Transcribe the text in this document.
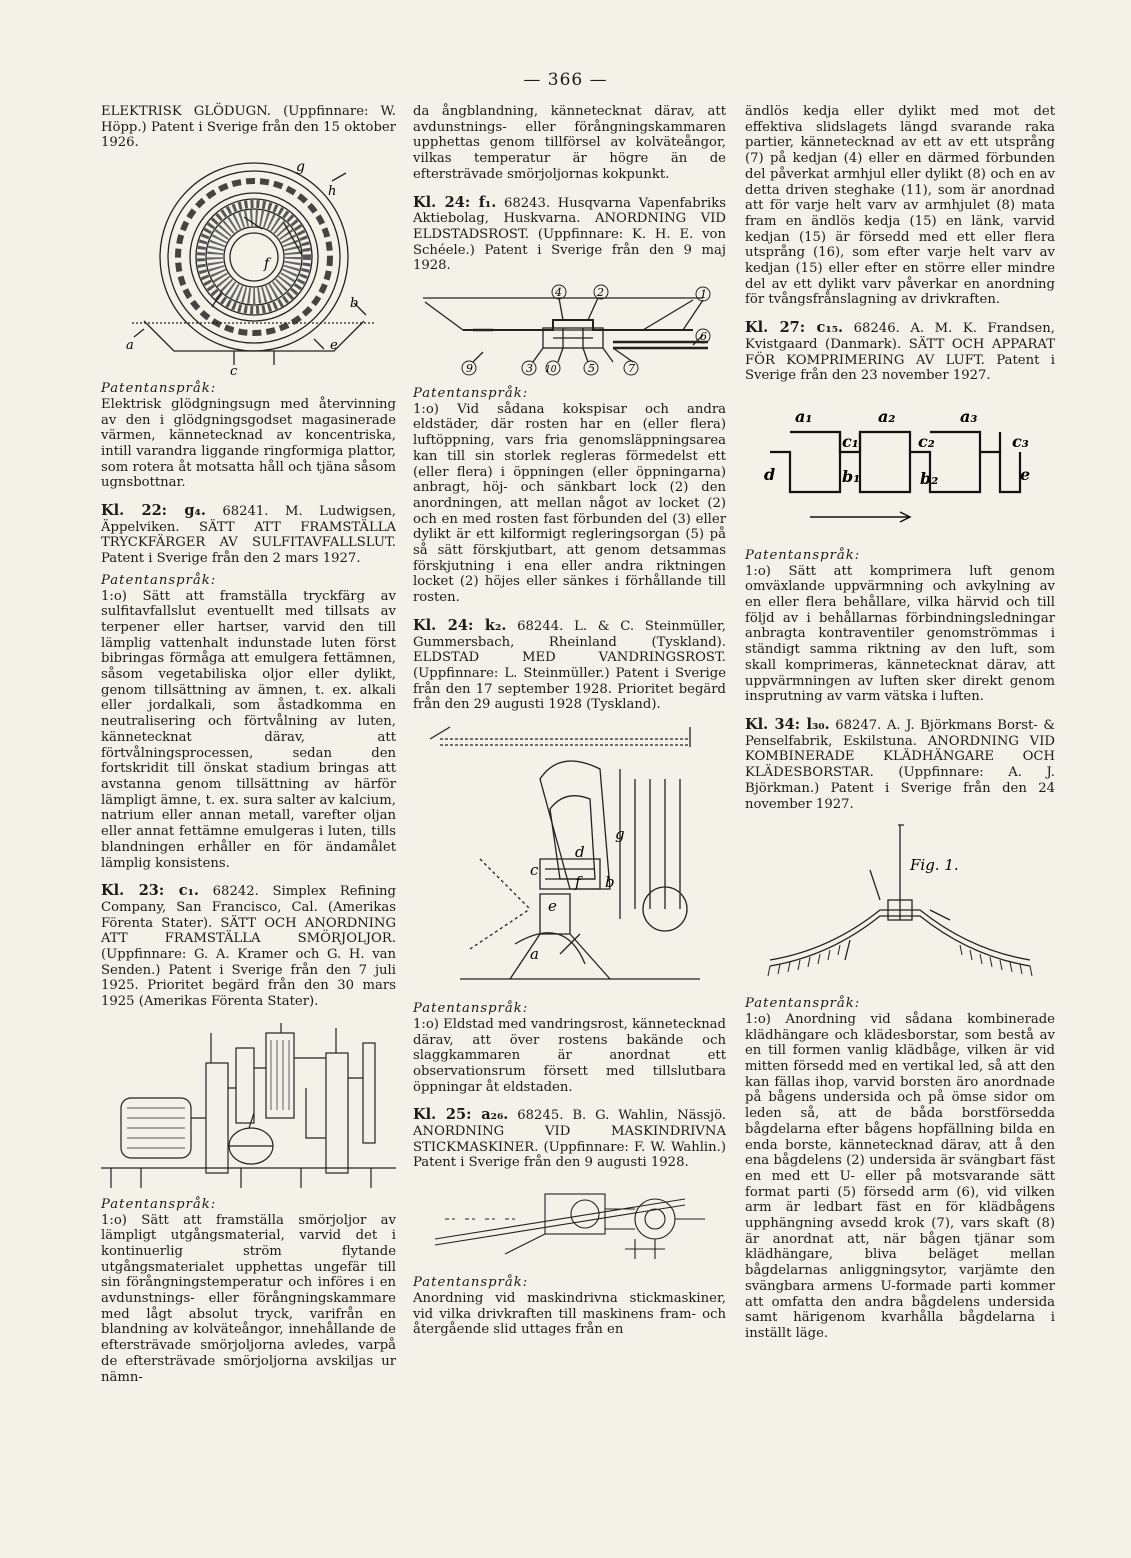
— 366 —

ELEKTRISK GLÖDUGN. (Uppfinnare: W. Höpp.) Patent i Sverige från den 15 oktober 1926.

g
h
f
a
b
c
e

Patentanspråk:

Elektrisk glödgningsugn med återvinning av den i glödgningsgodset magasinerade värmen, kännetecknad av koncentriska, intill varandra liggande ringformiga plattor, som rotera åt motsatta håll och tjäna såsom ugnsbottnar.

Kl. 22: g₄. 68241. M. Ludwigsen, Äppelviken. SÄTT ATT FRAMSTÄLLA TRYCKFÄRGER AV SULFITAVFALLSLUT. Patent i Sverige från den 2 mars 1927.

Patentanspråk:

1:o) Sätt att framställa tryckfärg av sulfitavfallslut eventuellt med tillsats av terpener eller hartser, varvid den till lämplig vattenhalt indunstade luten först bibringas förmåga att emulgera fettämnen, såsom vegetabiliska oljor eller dylikt, genom tillsättning av ämnen, t. ex. alkali eller jordalkali, som åstadkomma en neutralisering och förtvålning av luten, kännetecknat därav, att förtvålningsprocessen, sedan den fortskridit till önskat stadium bringas att avstanna genom tillsättning av härför lämpligt ämne, t. ex. sura salter av kalcium, natrium eller annan metall, varefter oljan eller annat fettämne emulgeras i luten, tills blandningen erhåller en för ändamålet lämplig konsistens.

Kl. 23: c₁. 68242. Simplex Refining Company, San Francisco, Cal. (Amerikas Förenta Stater). SÄTT OCH ANORDNING ATT FRAMSTÄLLA SMÖRJOLJOR. (Uppfinnare: G. A. Kramer och G. H. van Senden.) Patent i Sverige från den 7 juli 1925. Prioritet begärd från den 30 mars 1925 (Amerikas Förenta Stater).

Patentanspråk:

1:o) Sätt att framställa smörjoljor av lämpligt utgångsmaterial, varvid det i kontinuerlig ström flytande utgångsmaterialet upphettas ungefär till sin förångningstemperatur och införes i en avdunstnings- eller förångningskammare med lågt absolut tryck, varifrån en blandning av kolväteångor, innehållande de eftersträvade smörjoljorna avledes, varpå de eftersträvade smörjoljorna avskiljas ur nämn-

da ångblandning, kännetecknat därav, att avdunstnings- eller förångningskammaren upphettas genom tillförsel av kolväteångor, vilkas temperatur är högre än de eftersträvade smörjoljornas kokpunkt.

Kl. 24: f₁. 68243. Husqvarna Vapenfabriks Aktiebolag, Huskvarna. ANORDNING VID ELDSTADSROST. (Uppfinnare: K. H. E. von Schéele.) Patent i Sverige från den 9 maj 1928.

4	2	1
6
9	3 10	5	7

Patentanspråk:

1:o) Vid sådana kokspisar och andra eldstäder, där rosten har en (eller flera) luftöppning, vars fria genomsläppningsarea kan till sin storlek regleras förmedelst ett (eller flera) i öppningen (eller öppningarna) anbragt, höj- och sänkbart lock (2) den anordningen, att mellan något av locket (2) och en med rosten fast förbunden del (3) eller dylikt är ett kilformigt regleringsorgan (5) på så sätt förskjutbart, att genom detsammas förskjutning i ena eller andra riktningen locket (2) höjes eller sänkes i förhållande till rosten.

Kl. 24: k₂. 68244. L. & C. Steinmüller, Gummersbach, Rheinland (Tyskland). ELDSTAD MED VANDRINGSROST. (Uppfinnare: L. Steinmüller.) Patent i Sverige från den 17 september 1928. Prioritet begärd från den 29 augusti 1928 (Tyskland).

g
d
c
f b
e
a

Patentanspråk:

1:o) Eldstad med vandringsrost, kännetecknad därav, att över rostens bakände och slaggkammaren är anordnat ett observationsrum försett med tillslutbara öppningar åt eldstaden.

Kl. 25: a₂₆. 68245. B. G. Wahlin, Nässjö. ANORDNING VID MASKINDRIVNA STICKMASKINER. (Uppfinnare: F. W. Wahlin.) Patent i Sverige från den 9 augusti 1928.

Patentanspråk:

Anordning vid maskindrivna stickmaskiner, vid vilka drivkraften till maskinens fram- och återgående slid uttages från en

ändlös kedja eller dylikt med mot det effektiva slidslagets längd svarande raka partier, kännetecknad av ett av ett utsprång (7) på kedjan (4) eller en därmed förbunden del påverkat armhjul eller dylikt (8) och en av detta driven steghake (11), som är anordnad att för varje helt varv av armhjulet (8) mata fram en ändlös kedja (15) en länk, varvid kedjan (15) är försedd med ett eller flera utsprång (16), som efter varje helt varv av kedjan (15) eller efter en större eller mindre del av ett dylikt varv påverkar en anordning för tvångsfrånslagning av drivkraften.

Kl. 27: c₁₅. 68246. A. M. K. Frandsen, Kvistgaard (Danmark). SÄTT OCH APPARAT FÖR KOMPRIMERING AV LUFT. Patent i Sverige från den 23 november 1927.

a₁	a₂	a₃
c₁	c₂	c₃
b₁	b₂
d	e

Patentanspråk:

1:o) Sätt att komprimera luft genom omväxlande uppvärmning och avkylning av en eller flera behållare, vilka härvid och till följd av i behållarnas förbindningsledningar anbragta kontraventiler genomströmmas i ständigt samma riktning av den luft, som skall komprimeras, kännetecknat därav, att uppvärmningen av luften sker direkt genom insprutning av varm vätska i luften.

Kl. 34: l₃₀. 68247. A. J. Björkmans Borst- & Penselfabrik, Eskilstuna. ANORDNING VID KOMBINERADE KLÄDHÄNGARE OCH KLÄDESBORSTAR. (Uppfinnare: A. J. Björkman.) Patent i Sverige från den 24 november 1927.

Fig. 1.

Patentanspråk:

1:o) Anordning vid sådana kombinerade klädhängare och klädesborstar, som bestå av en till formen vanlig klädbåge, vilken är vid mitten försedd med en vertikal led, så att den kan fällas ihop, varvid borsten äro anordnade på bågens undersida och på ömse sidor om leden så, att de båda borstförsedda bågdelarna efter bågens hopfällning bilda en enda borste, kännetecknad därav, att å den ena bågdelens (2) undersida är svängbart fäst en med ett U- eller på motsvarande sätt format parti (5) försedd arm (6), vid vilken arm är ledbart fäst en för klädbågens upphängning avsedd krok (7), vars skaft (8) är anordnat att, när bågen tjänar som klädhängare, bliva beläget mellan bågdelarnas anliggningsytor, varjämte den svängbara armens U-formade parti kommer att omfatta den andra bågdelens undersida samt härigenom kvarhålla bågdelarna i inställt läge.
